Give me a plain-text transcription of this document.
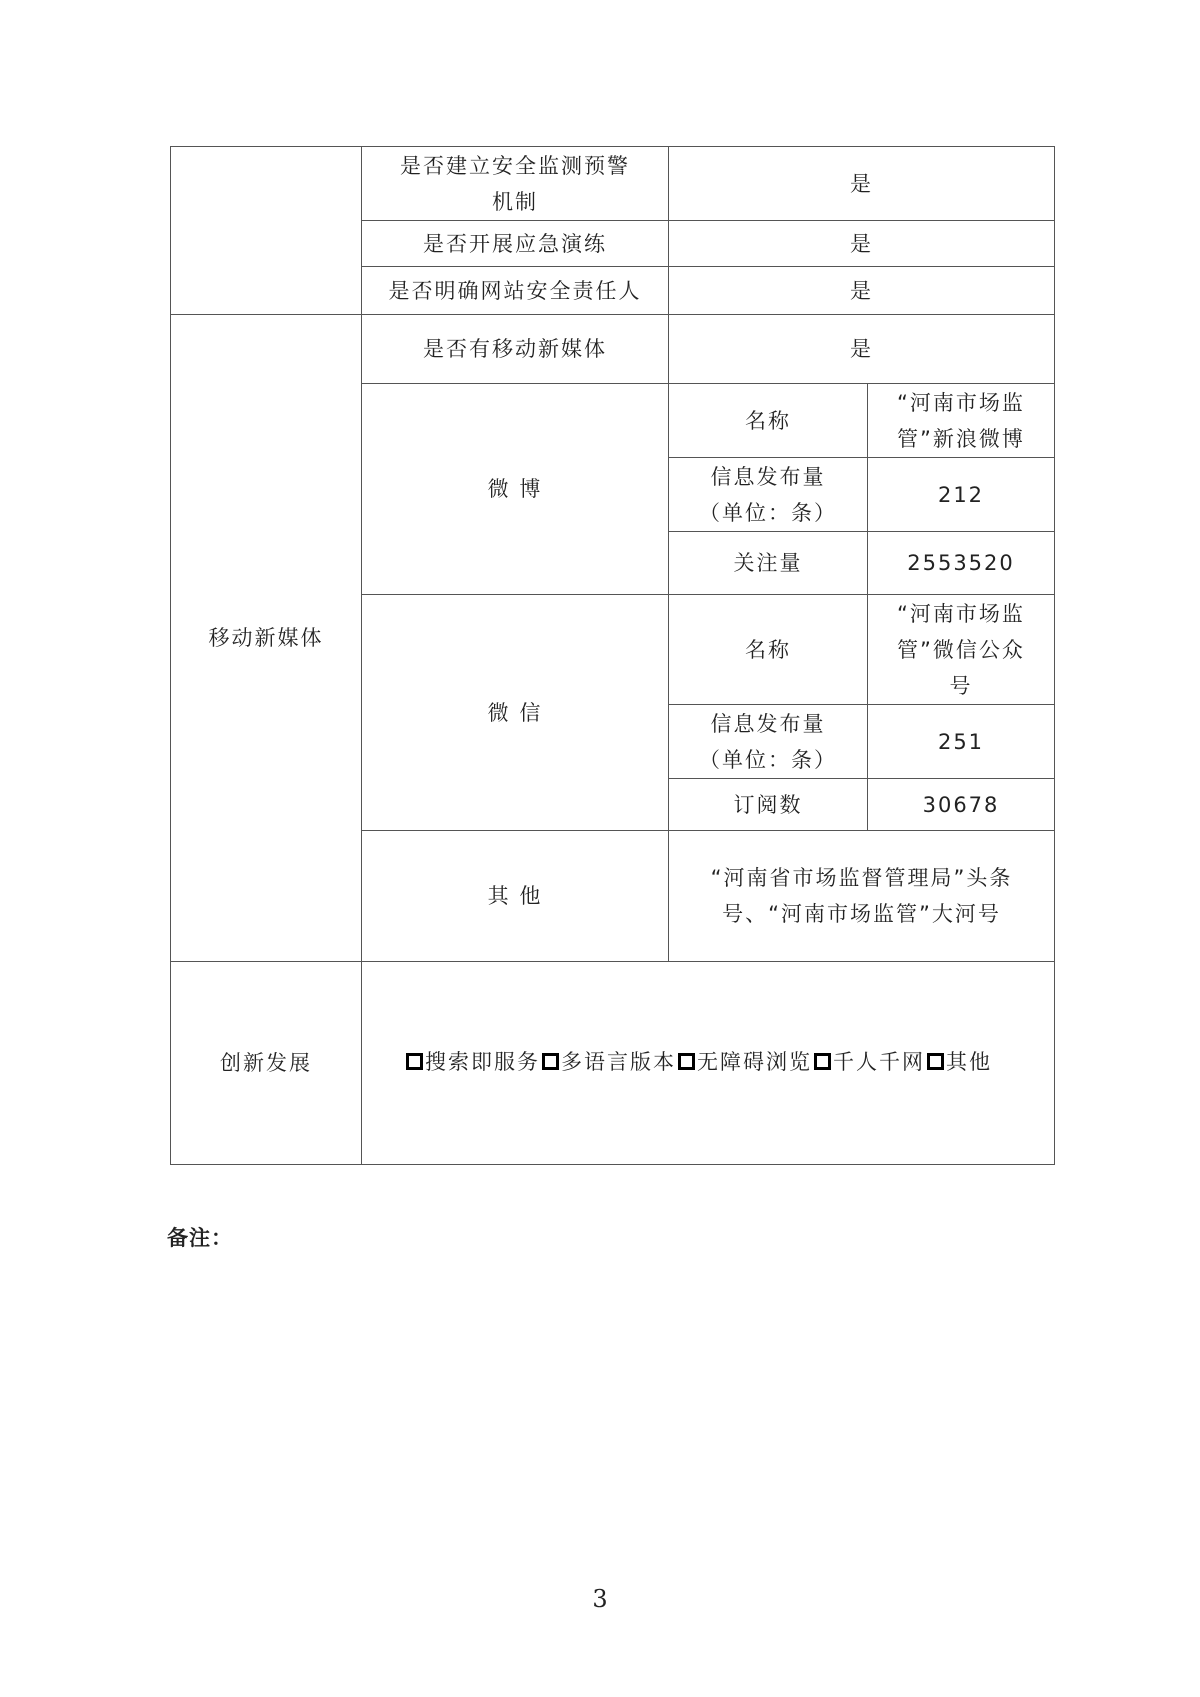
	是否建立安全监测预警
机制	是	
	是否开展应急演练	是	
	是否明确网站安全责任人	是	
移动新媒体	是否有移动新媒体	是	
	微 博	名称	“河南市场监
管”新浪微博

		信息发布量
（单位：条）	212
		关注量	2553520
	微 信	名称	“河南市场监
管”微信公众
号

		信息发布量
（单位：条）	251
		订阅数	30678
	其 他	“河南省市场监督管理局”头条
号、“河南市场监管”大河号	

创新发展	搜索即服务 多语言版本 无障碍浏览 千人千网 其他		
备注：
3
